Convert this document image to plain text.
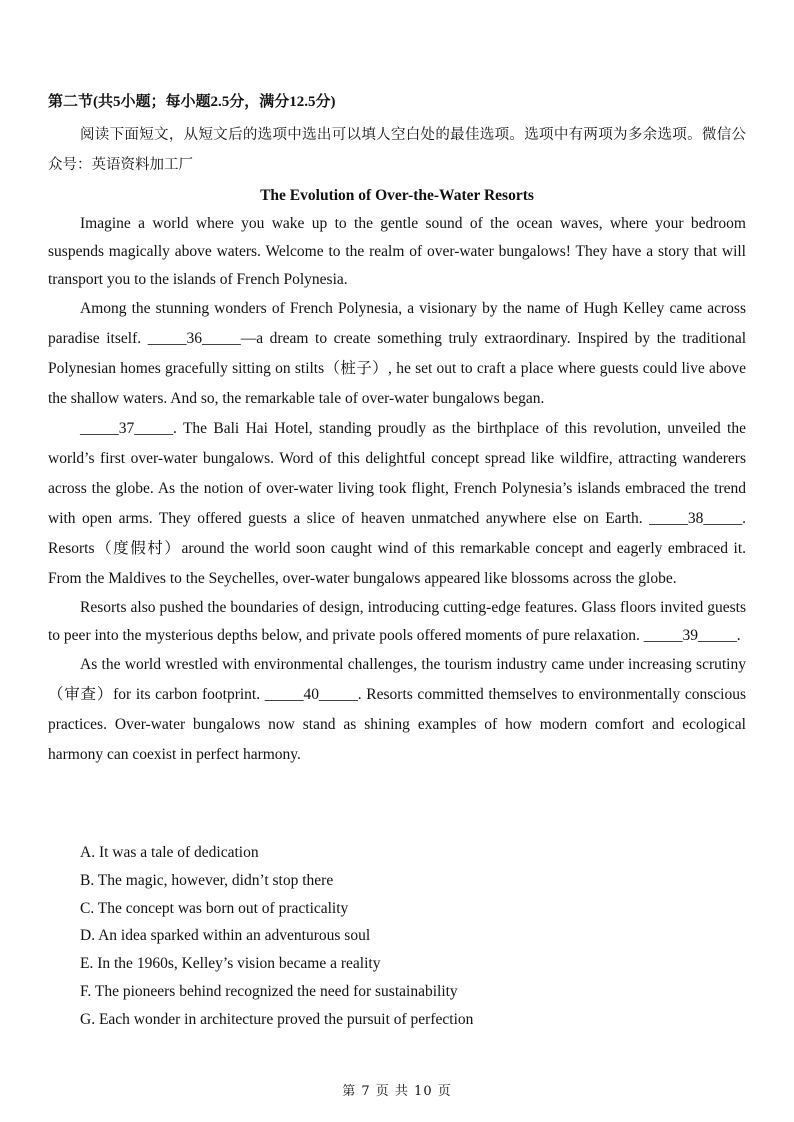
第二节(共5小题；每小题2.5分，满分12.5分)

阅读下面短文，从短文后的选项中选出可以填人空白处的最佳选项。选项中有两项为多余选项。微信公众号：英语资料加工厂

The Evolution of Over-the-Water Resorts

Imagine a world where you wake up to the gentle sound of the ocean waves, where your bedroom suspends magically above waters. Welcome to the realm of over-water bungalows! They have a story that will transport you to the islands of French Polynesia.

Among the stunning wonders of French Polynesia, a visionary by the name of Hugh Kelley came across paradise itself. _____36_____—a dream to create something truly extraordinary. Inspired by the traditional Polynesian homes gracefully sitting on stilts（桩子）, he set out to craft a place where guests could live above the shallow waters. And so, the remarkable tale of over-water bungalows began.

_____37_____. The Bali Hai Hotel, standing proudly as the birthplace of this revolution, unveiled the world’s first over-water bungalows. Word of this delightful concept spread like wildfire, attracting wanderers across the globe. As the notion of over-water living took flight, French Polynesia’s islands embraced the trend with open arms. They offered guests a slice of heaven unmatched anywhere else on Earth. _____38_____. Resorts（度假村）around the world soon caught wind of this remarkable concept and eagerly embraced it. From the Maldives to the Seychelles, over-water bungalows appeared like blossoms across the globe.

Resorts also pushed the boundaries of design, introducing cutting-edge features. Glass floors invited guests to peer into the mysterious depths below, and private pools offered moments of pure relaxation. _____39_____.

As the world wrestled with environmental challenges, the tourism industry came under increasing scrutiny（审查）for its carbon footprint. _____40_____. Resorts committed themselves to environmentally conscious practices. Over-water bungalows now stand as shining examples of how modern comfort and ecological harmony can coexist in perfect harmony.

A. It was a tale of dedication
B. The magic, however, didn’t stop there
C. The concept was born out of practicality
D. An idea sparked within an adventurous soul
E. In the 1960s, Kelley’s vision became a reality
F. The pioneers behind recognized the need for sustainability
G. Each wonder in architecture proved the pursuit of perfection
第 7 页 共 10 页
